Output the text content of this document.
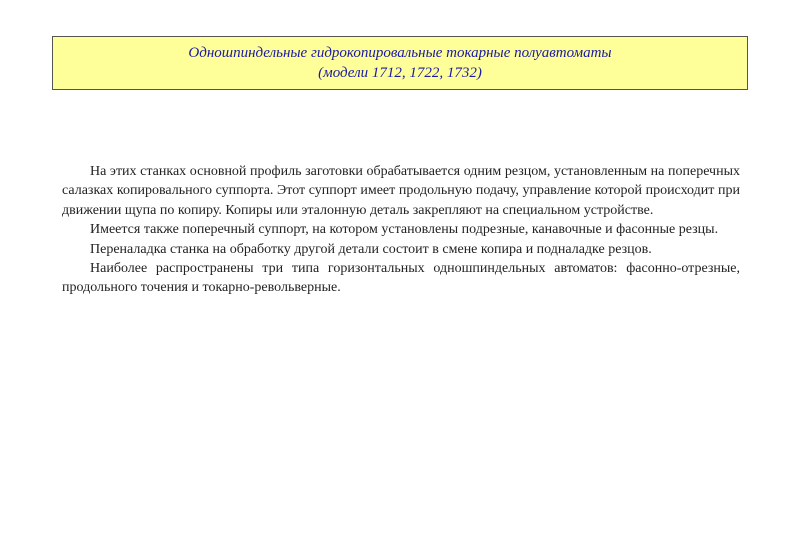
Одношпиндельные гидрокопировальные токарные полуавтоматы
(модели 1712, 1722, 1732)

На этих станках основной профиль заготовки обрабатывается одним резцом, установленным на поперечных салазках копировального суппорта. Этот суппорт имеет продольную подачу, управление которой происходит при движении щупа по копиру. Копиры или эталонную деталь закрепляют на специальном устройстве.

Имеется также поперечный суппорт, на котором установлены подрезные, канавочные и фасонные резцы.

Переналадка станка на обработку другой детали состоит в смене копира и подналадке резцов.

Наиболее распространены три типа горизонтальных одношпиндельных автоматов: фасонно-отрезные, продольного точения и токарно-револьверные.
